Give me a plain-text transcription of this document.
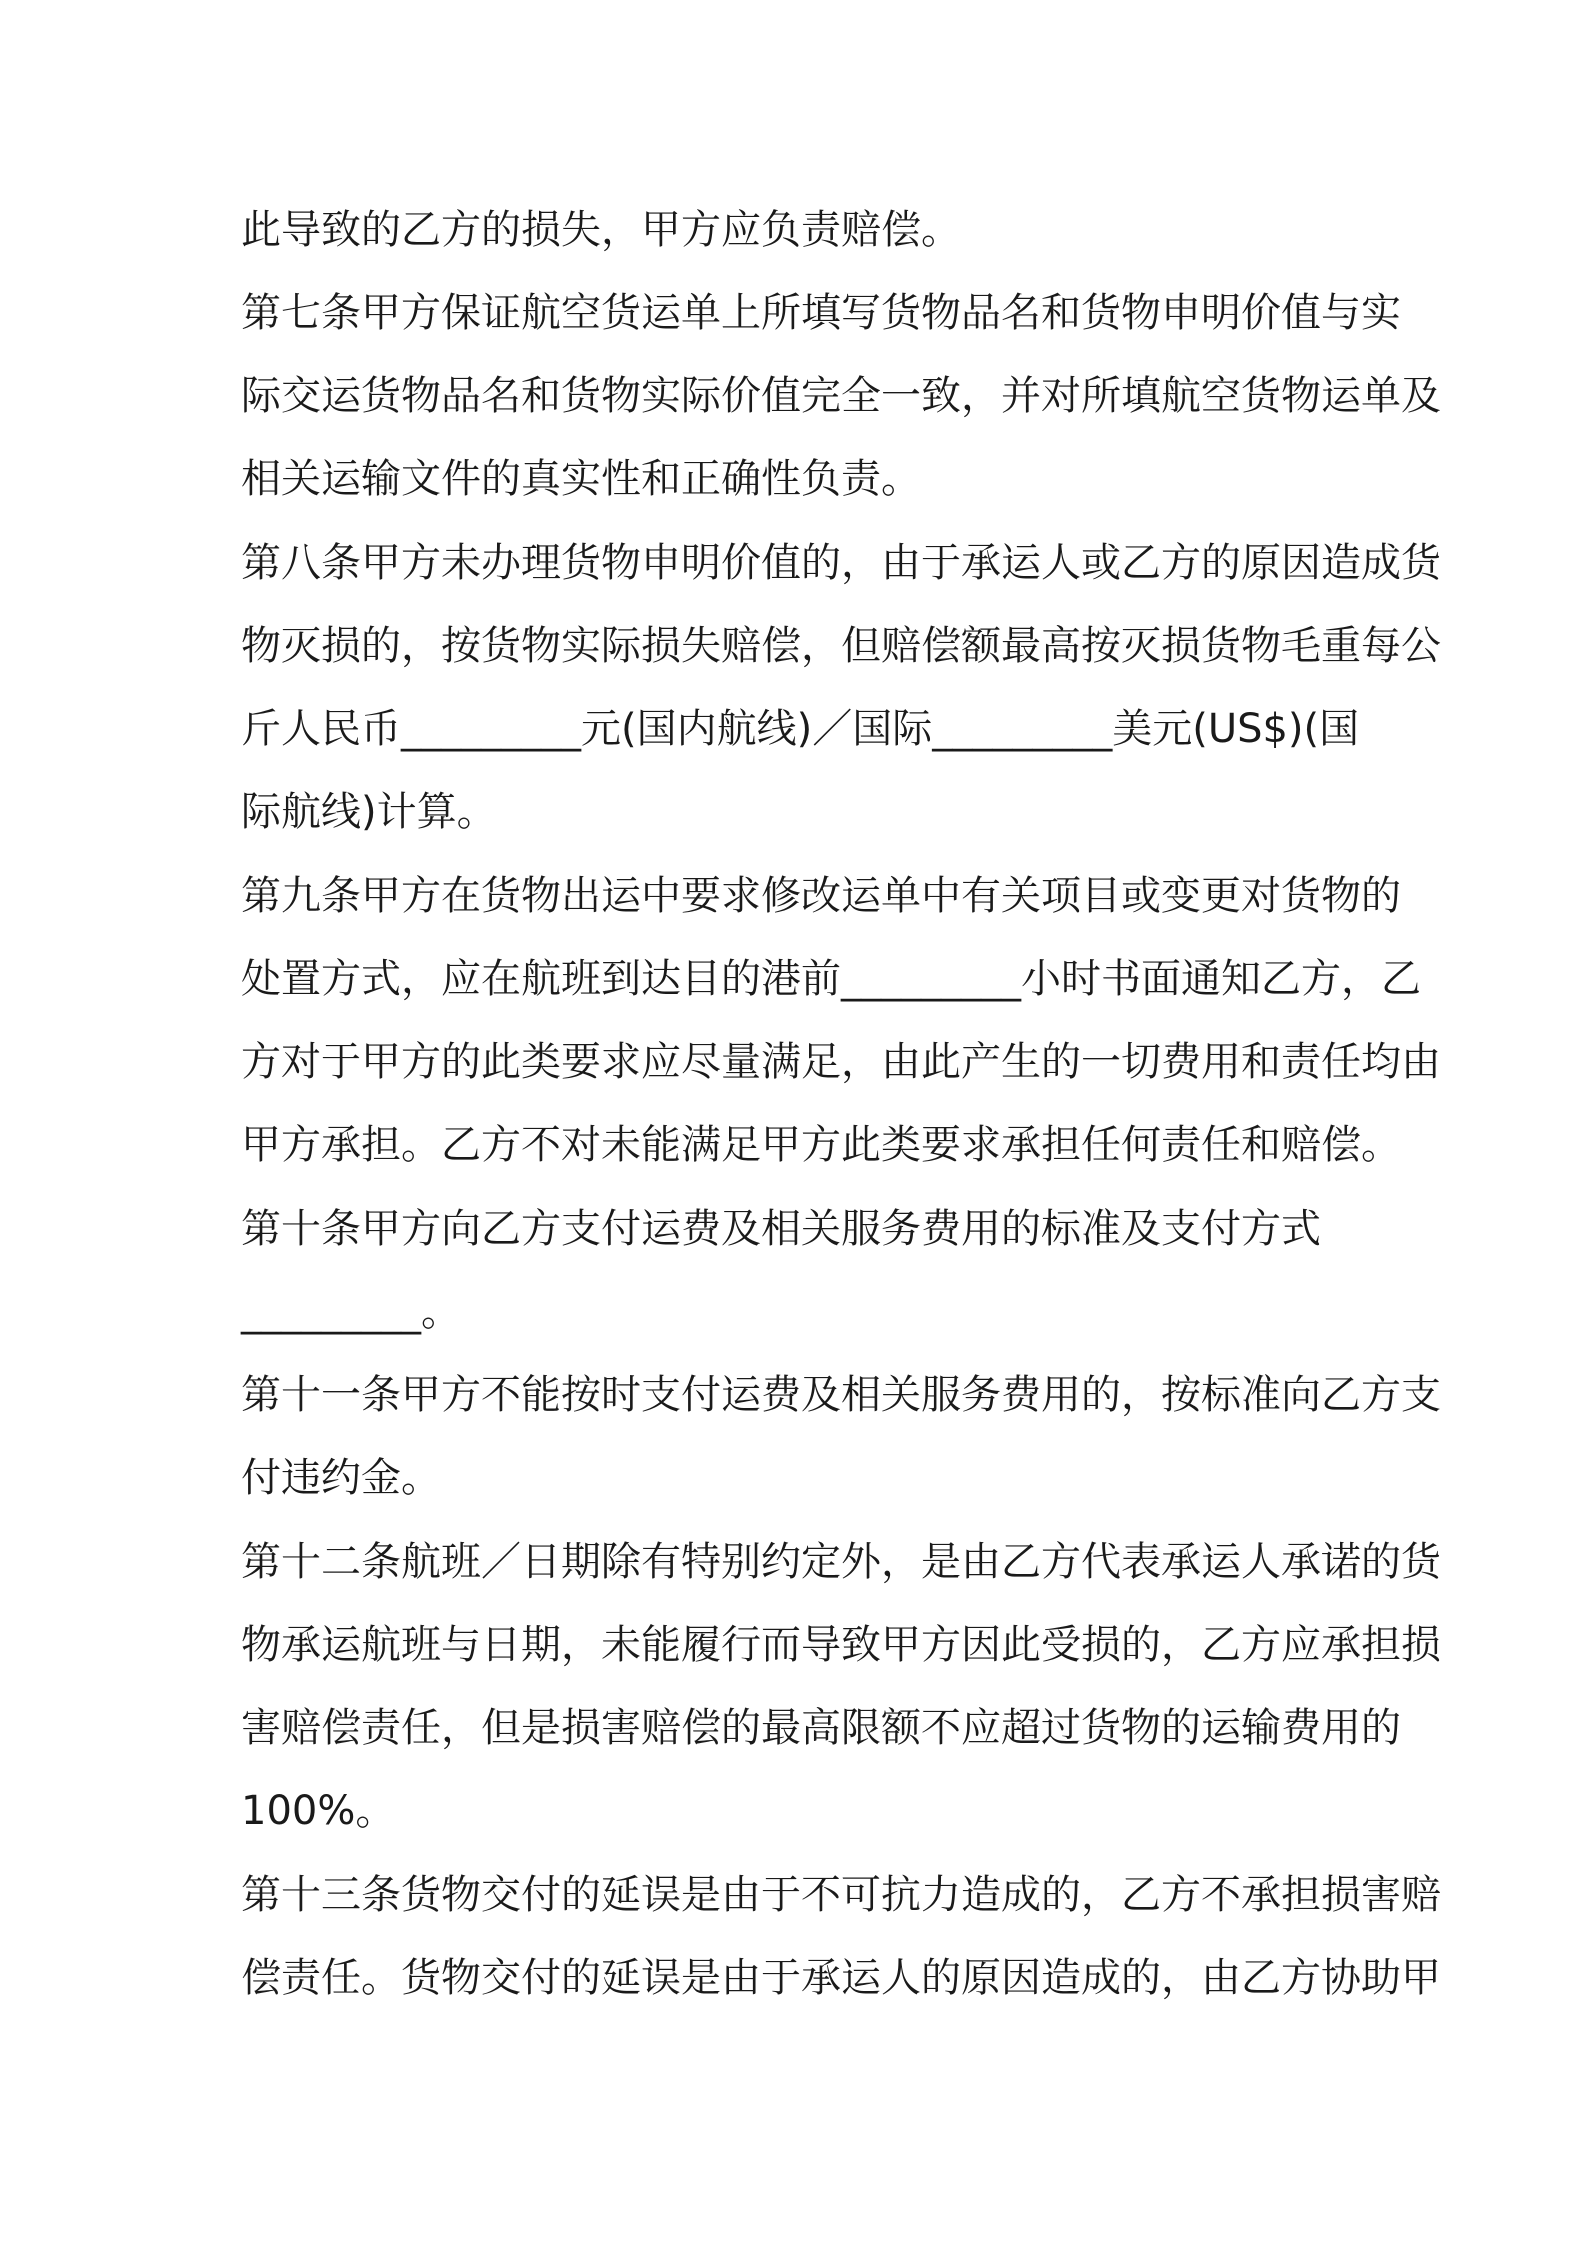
此导致的乙方的损失，甲方应负责赔偿。

第七条甲方保证航空货运单上所填写货物品名和货物申明价值与实

际交运货物品名和货物实际价值完全一致，并对所填航空货物运单及

相关运输文件的真实性和正确性负责。

第八条甲方未办理货物申明价值的，由于承运人或乙方的原因造成货

物灭损的，按货物实际损失赔偿，但赔偿额最高按灭损货物毛重每公

斤人民币_________元(国内航线)／国际_________美元(US$)(国

际航线)计算。

第九条甲方在货物出运中要求修改运单中有关项目或变更对货物的

处置方式，应在航班到达目的港前_________小时书面通知乙方，乙

方对于甲方的此类要求应尽量满足，由此产生的一切费用和责任均由

甲方承担。乙方不对未能满足甲方此类要求承担任何责任和赔偿。

第十条甲方向乙方支付运费及相关服务费用的标准及支付方式

_________。

第十一条甲方不能按时支付运费及相关服务费用的，按标准向乙方支

付违约金。

第十二条航班／日期除有特别约定外，是由乙方代表承运人承诺的货

物承运航班与日期，未能履行而导致甲方因此受损的，乙方应承担损

害赔偿责任，但是损害赔偿的最高限额不应超过货物的运输费用的

100%。

第十三条货物交付的延误是由于不可抗力造成的，乙方不承担损害赔

偿责任。货物交付的延误是由于承运人的原因造成的，由乙方协助甲
